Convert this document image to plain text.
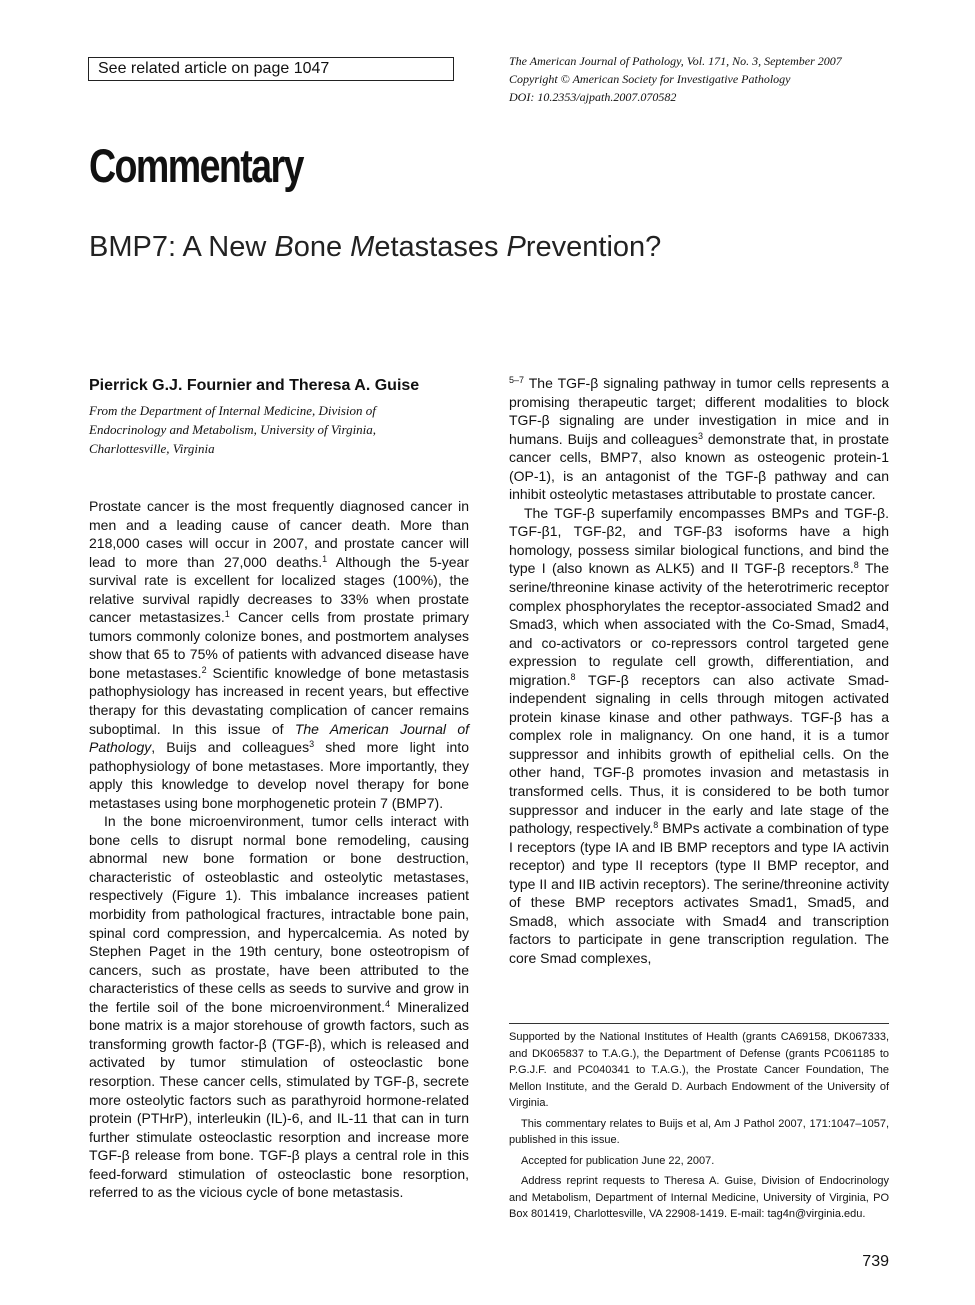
See related article on page 1047	The American Journal of Pathology, Vol. 171, No. 3, September 2007
Copyright © American Society for Investigative Pathology
DOI: 10.2353/ajpath.2007.070582
Commentary
BMP7: A New Bone Metastases Prevention?
Pierrick G.J. Fournier and Theresa A. Guise
From the Department of Internal Medicine, Division of
Endocrinology and Metabolism, University of Virginia,
Charlottesville, Virginia

Prostate cancer is the most frequently diagnosed cancer in men and a leading cause of cancer death. More than 218,000 cases will occur in 2007, and prostate cancer will lead to more than 27,000 deaths.$^1$ Although the 5-year survival rate is excellent for localized stages (100%), the relative survival rapidly decreases to 33% when prostate cancer metastasizes.$^1$ Cancer cells from prostate primary tumors commonly colonize bones, and postmortem analyses show that 65 to 75% of patients with advanced disease have bone metastases.$^2$ Scientific knowledge of bone metastasis pathophysiology has increased in recent years, but effective therapy for this devastating complication of cancer remains suboptimal. In this issue of The American Journal of Pathology, Buijs and colleagues$^3$ shed more light into pathophysiology of bone metastases. More importantly, they apply this knowledge to develop novel therapy for bone metastases using bone morphogenetic protein 7 (BMP7).

In the bone microenvironment, tumor cells interact with bone cells to disrupt normal bone remodeling, causing abnormal new bone formation or bone destruction, characteristic of osteoblastic and osteolytic metastases, respectively (Figure 1). This imbalance increases patient morbidity from pathological fractures, intractable bone pain, spinal cord compression, and hypercalcemia. As noted by Stephen Paget in the 19th century, bone osteotropism of cancers, such as prostate, have been attributed to the characteristics of these cells as seeds to survive and grow in the fertile soil of the bone microenvironment.$^4$ Mineralized bone matrix is a major storehouse of growth factors, such as transforming growth factor-β (TGF-β), which is released and activated by tumor stimulation of osteoclastic bone resorption. These cancer cells, stimulated by TGF-β, secrete more osteolytic factors such as parathyroid hormone-related protein (PTHrP), interleukin (IL)-6, and IL-11 that can in turn further stimulate osteoclastic resorption and increase more TGF-β release from bone. TGF-β plays a central role in this feed-forward stimulation of osteoclastic bone resorption, referred to as the vicious cycle of bone metastasis.

$^{5-7}$ The TGF-β signaling pathway in tumor cells represents a promising therapeutic target; different modalities to block TGF-β signaling are under investigation in mice and in humans. Buijs and colleagues$^3$ demonstrate that, in prostate cancer cells, BMP7, also known as osteogenic protein-1 (OP-1), is an antagonist of the TGF-β pathway and can inhibit osteolytic metastases attributable to prostate cancer.

The TGF-β superfamily encompasses BMPs and TGF-β. TGF-β1, TGF-β2, and TGF-β3 isoforms have a high homology, possess similar biological functions, and bind the type I (also known as ALK5) and II TGF-β receptors.$^8$ The serine/threonine kinase activity of the heterotrimeric receptor complex phosphorylates the receptor-associated Smad2 and Smad3, which when associated with the Co-Smad, Smad4, and co-activators or co-repressors control targeted gene expression to regulate cell growth, differentiation, and migration.$^8$ TGF-β receptors can also activate Smad-independent signaling in cells through mitogen activated protein kinase kinase and other pathways. TGF-β has a complex role in malignancy. On one hand, it is a tumor suppressor and inhibits growth of epithelial cells. On the other hand, TGF-β promotes invasion and metastasis in transformed cells. Thus, it is considered to be both tumor suppressor and inducer in the early and late stage of the pathology, respectively.$^8$ BMPs activate a combination of type I receptors (type IA and IB BMP receptors and type IA activin receptor) and type II receptors (type II BMP receptor, and type II and IIB activin receptors). The serine/threonine activity of these BMP receptors activates Smad1, Smad5, and Smad8, which associate with Smad4 and transcription factors to participate in gene transcription regulation. The core Smad complexes,

Supported by the National Institutes of Health (grants CA69158, DK067333, and DK065837 to T.A.G.), the Department of Defense (grants PC061185 to P.G.J.F. and PC040341 to T.A.G.), the Prostate Cancer Foundation, The Mellon Institute, and the Gerald D. Aurbach Endowment of the University of Virginia.

This commentary relates to Buijs et al, Am J Pathol 2007, 171:1047–1057, published in this issue.

Accepted for publication June 22, 2007.

Address reprint requests to Theresa A. Guise, Division of Endocrinology and Metabolism, Department of Internal Medicine, University of Virginia, PO Box 801419, Charlottesville, VA 22908-1419. E-mail: tag4n@virginia.edu.

739
